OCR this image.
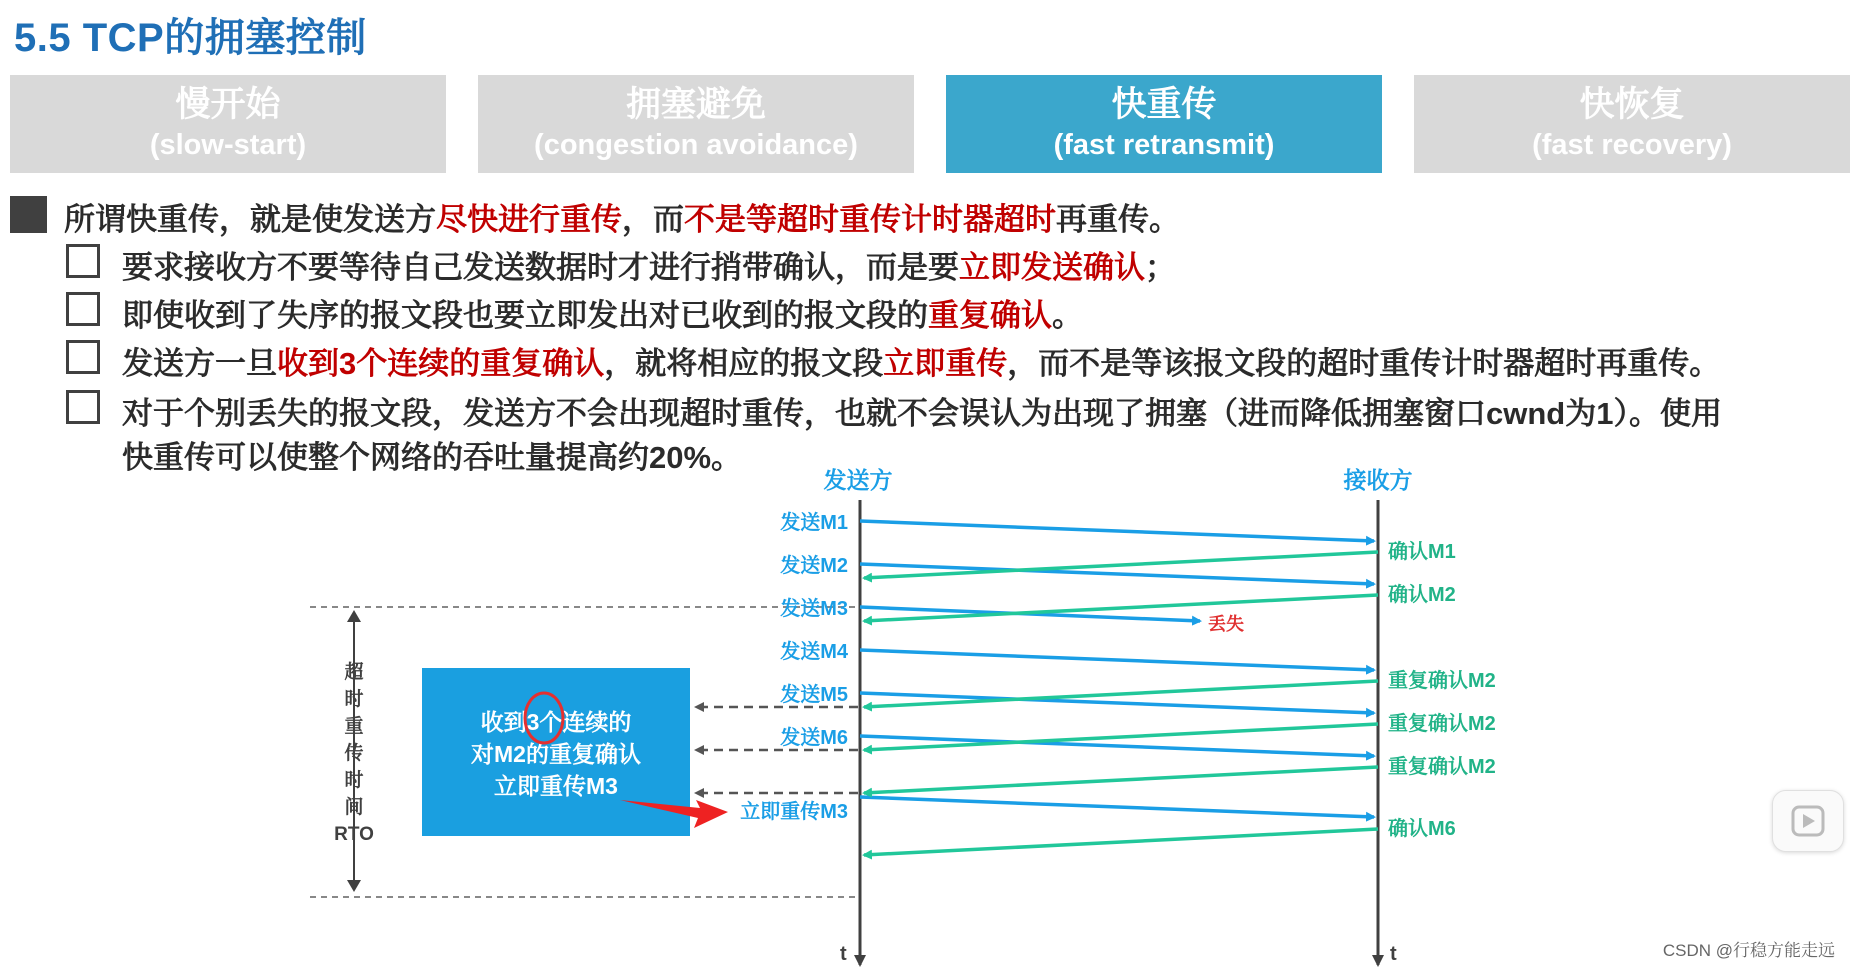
5.5 TCP的拥塞控制
慢开始
(slow-start)
拥塞避免
(congestion avoidance)
快重传
(fast retransmit)
快恢复
(fast recovery)
所谓快重传，就是使发送方尽快进行重传，而不是等超时重传计时器超时再重传。
要求接收方不要等待自己发送数据时才进行捎带确认，而是要立即发送确认；
即使收到了失序的报文段也要立即发出对已收到的报文段的重复确认。
发送方一旦收到3个连续的重复确认，就将相应的报文段立即重传，而不是等该报文段的超时重传计时器超时再重传。
对于个别丢失的报文段，发送方不会出现超时重传，也就不会误认为出现了拥塞（进而降低拥塞窗口cwnd为1）。使用
快重传可以使整个网络的吞吐量提高约20%。
发送方	接收方
t	t
超
时
重
传
时
间
RTO
发送M1
发送M2
发送M3
发送M4
发送M5
发送M6
立即重传M3
确认M1
确认M2
重复确认M2
重复确认M2
重复确认M2
确认M6
丢失
收到3个连续的
对M2的重复确认
立即重传M3
CSDN @行稳方能走远
